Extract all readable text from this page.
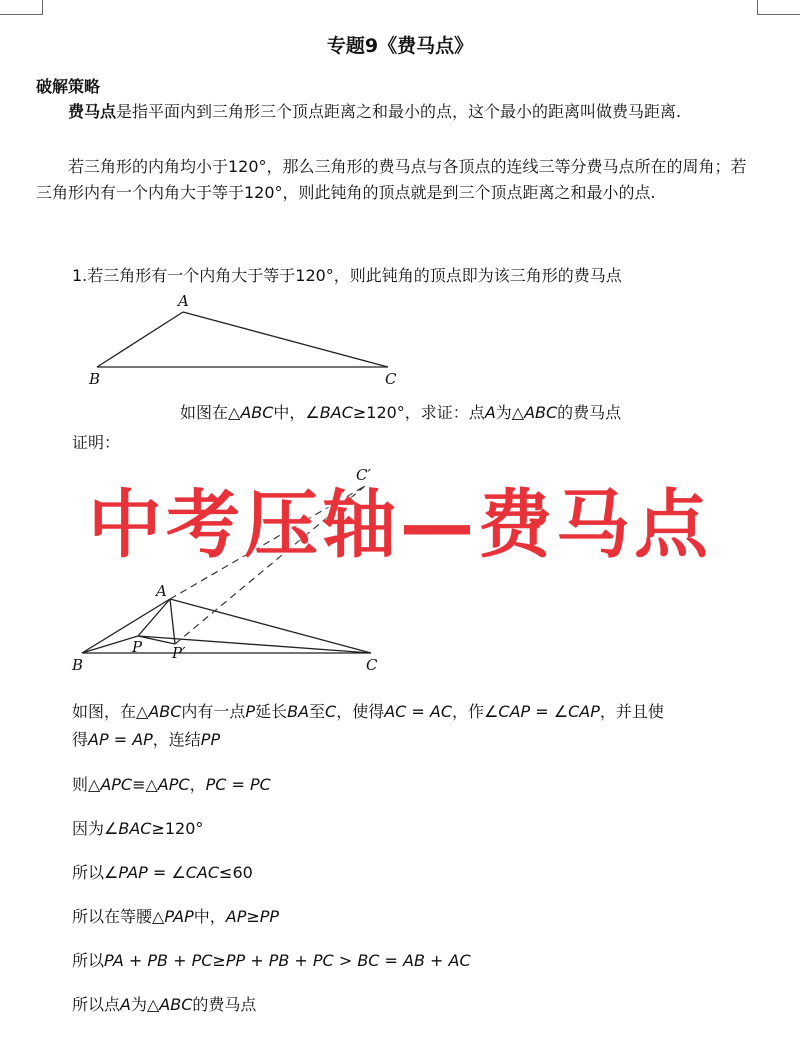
专题9《费马点》
破解策略
费马点是指平面内到三角形三个顶点距离之和最小的点，这个最小的距离叫做费马距离.
若三角形的内角均小于120°，那么三角形的费马点与各顶点的连线三等分费马点所在的周角；若三角形内有一个内角大于等于120°，则此钝角的顶点就是到三个顶点距离之和最小的点.
1.若三角形有一个内角大于等于120°，则此钝角的顶点即为该三角形的费马点
A
B	C
如图在△ABC中，∠BAC≥120°，求证：点A为△ABC的费马点
证明：
C′
A
B	C
P P′
中考压轴—费马点
如图，在△ABC内有一点P延长BA至C，使得AC = AC，作∠CAP = ∠CAP，并且使
得AP = AP，连结PP
则△APC≡△APC，PC = PC
因为∠BAC≥120°
所以∠PAP = ∠CAC≤60
所以在等腰△PAP中，AP≥PP
所以PA + PB + PC≥PP + PB + PC > BC = AB + AC
所以点A为△ABC的费马点
